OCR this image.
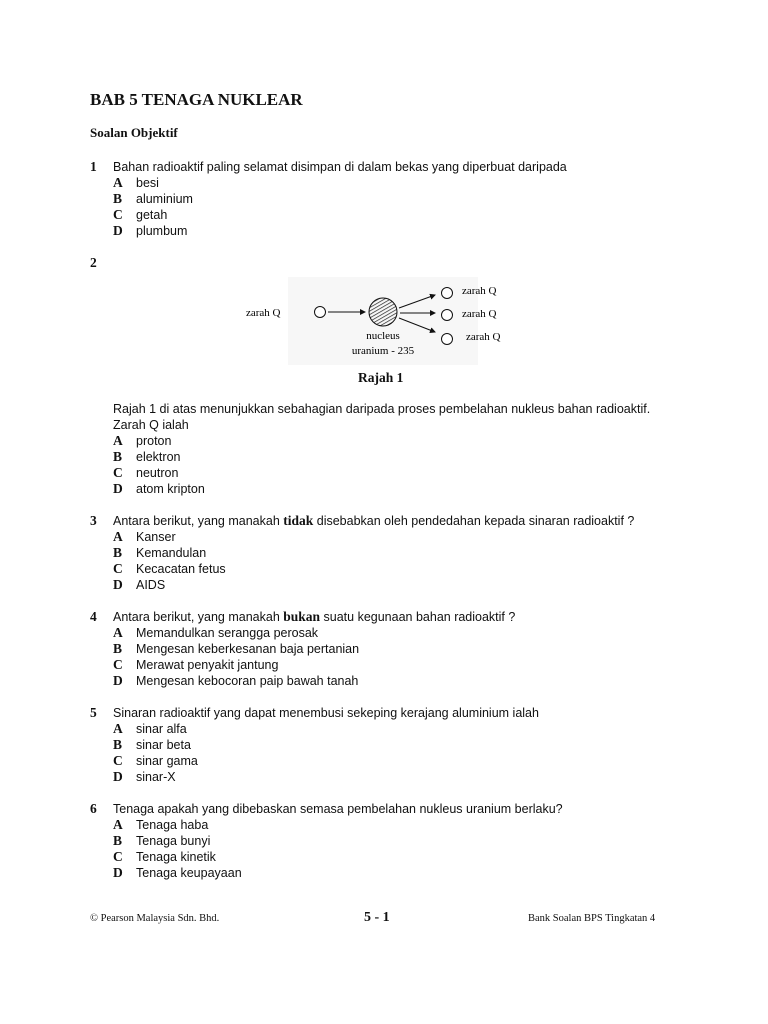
BAB 5 TENAGA NUKLEAR
Soalan Objektif
1 Bahan radioaktif paling selamat disimpan di dalam bekas yang diperbuat daripada
A besi
B aluminium
C getah
D plumbum
2
zarah Q
zarah Q
zarah Q
zarah Q
nucleus
uranium - 235
Rajah 1
Rajah 1 di atas menunjukkan sebahagian daripada proses pembelahan nukleus bahan radioaktif.
Zarah Q ialah
A proton
B elektron
C neutron
D atom kripton
3 Antara berikut, yang manakah tidak disebabkan oleh pendedahan kepada sinaran radioaktif ?
A Kanser
B Kemandulan
C Kecacatan fetus
D AIDS
4 Antara berikut, yang manakah bukan suatu kegunaan bahan radioaktif ?
A Memandulkan serangga perosak
B Mengesan keberkesanan baja pertanian
C Merawat penyakit jantung
D Mengesan kebocoran paip bawah tanah
5 Sinaran radioaktif yang dapat menembusi sekeping kerajang aluminium ialah
A sinar alfa
B sinar beta
C sinar gama
D sinar-X
6 Tenaga apakah yang dibebaskan semasa pembelahan nukleus uranium berlaku?
A Tenaga haba
B Tenaga bunyi
C Tenaga kinetik
D Tenaga keupayaan
© Pearson Malaysia Sdn. Bhd.	5 - 1	Bank Soalan BPS Tingkatan 4
